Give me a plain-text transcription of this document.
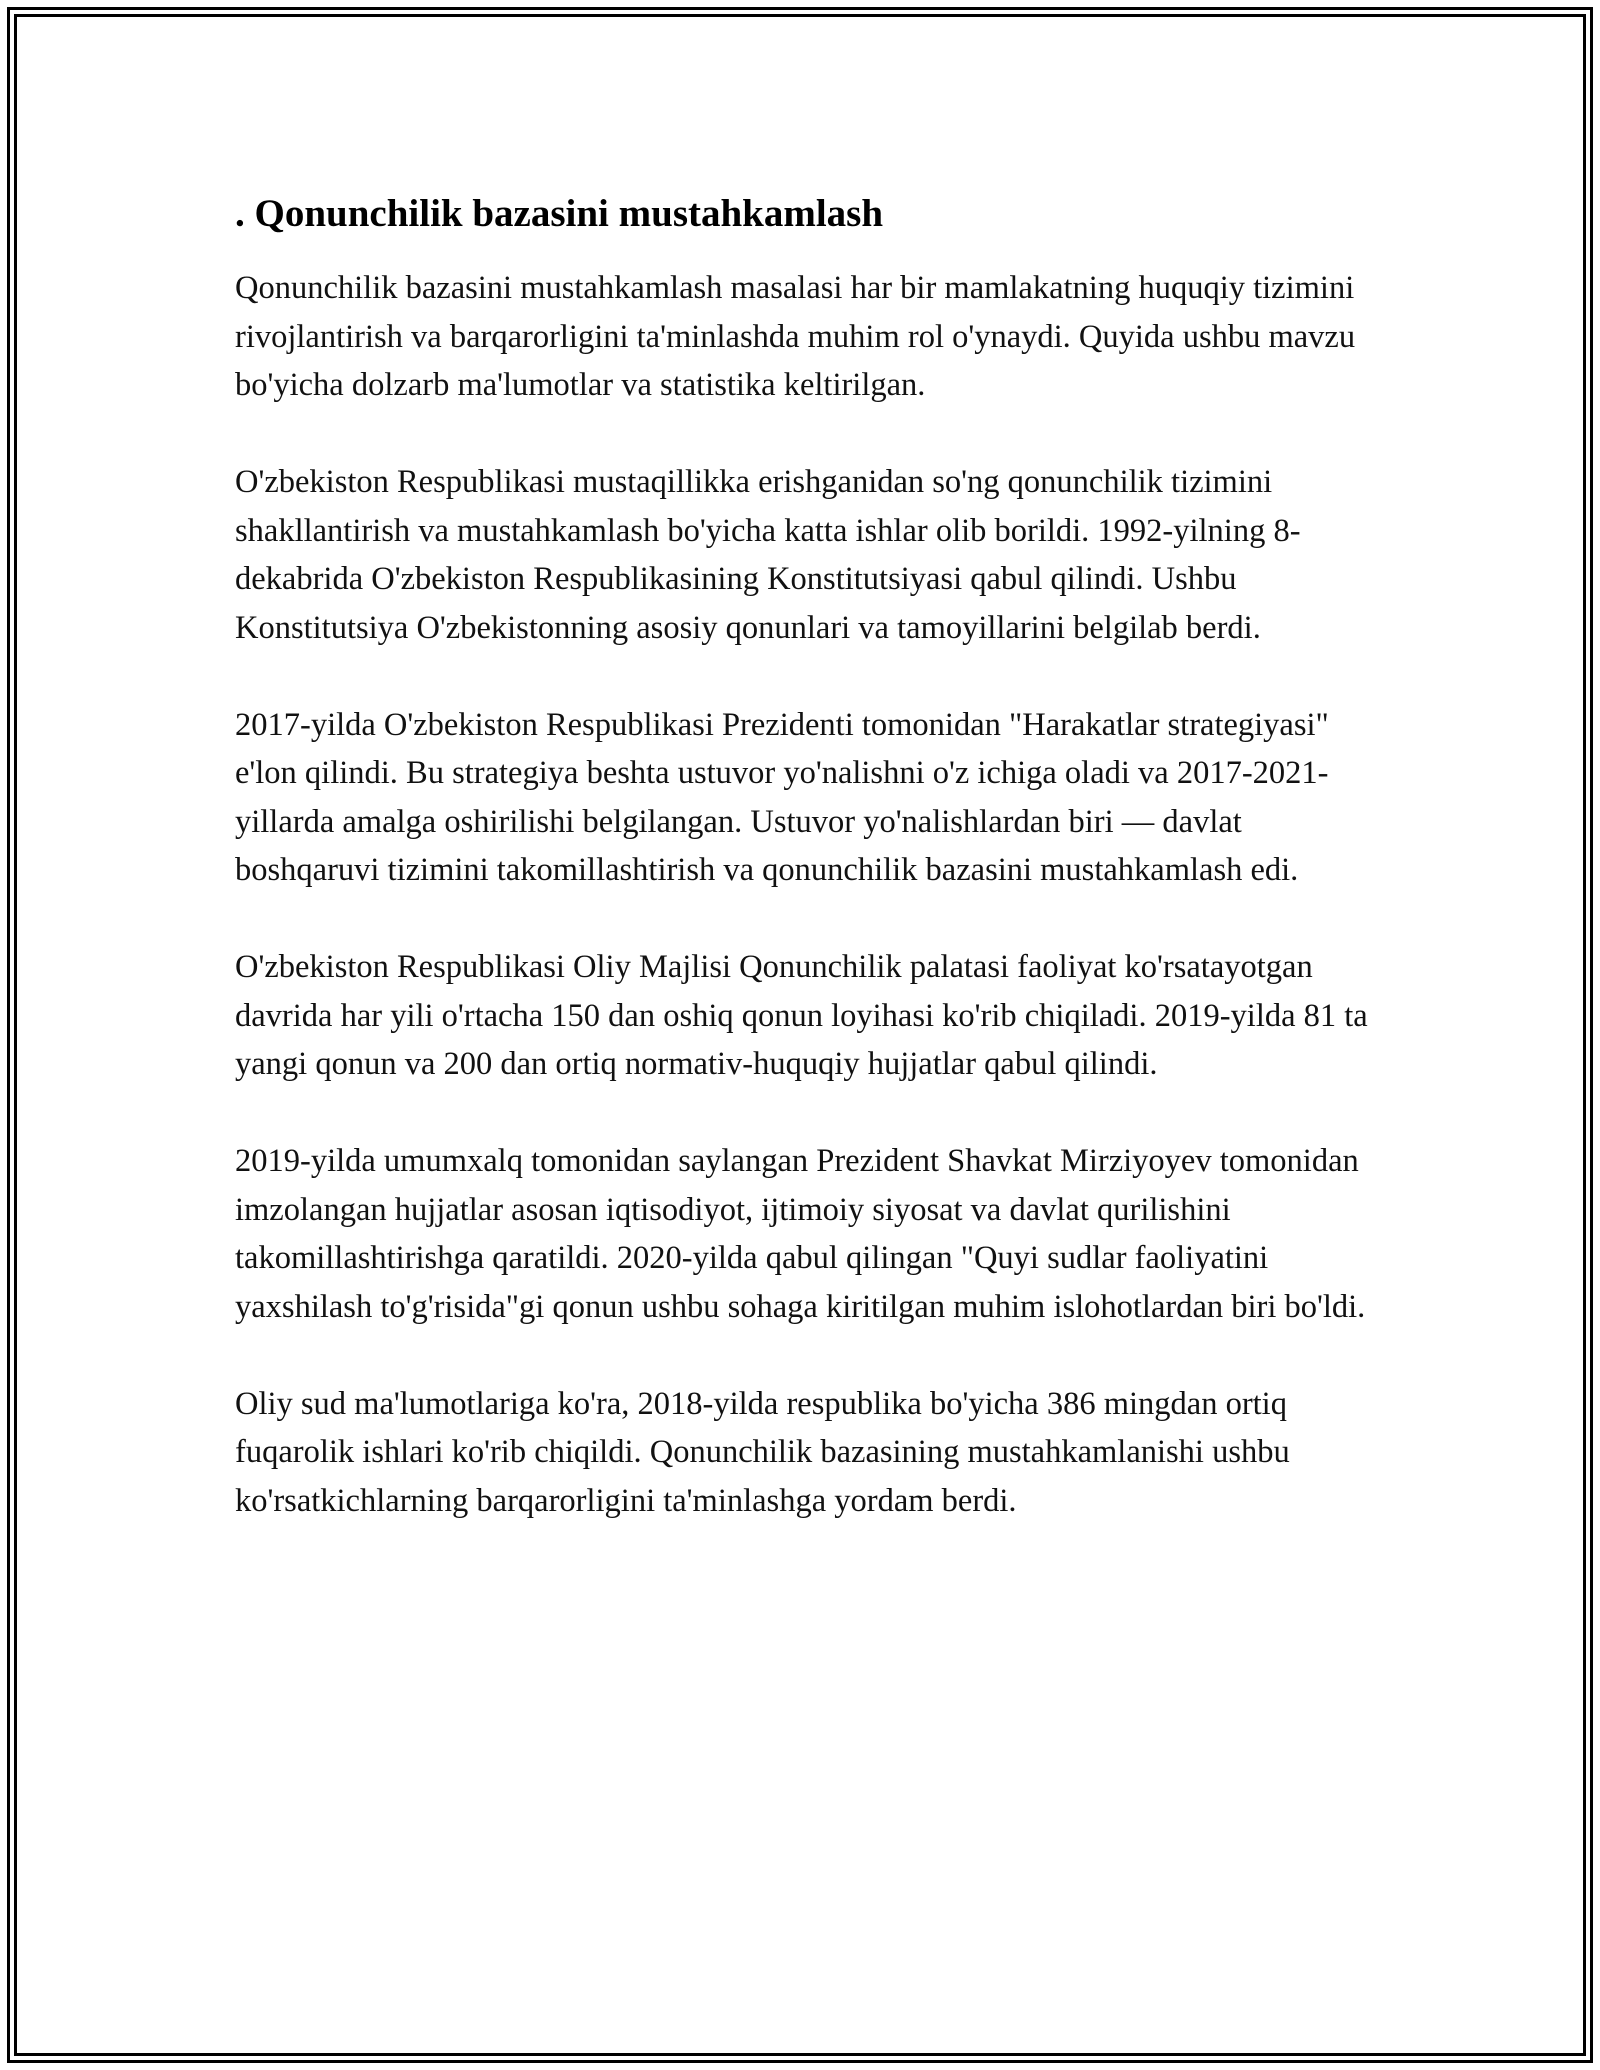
. Qonunchilik bazasini mustahkamlash

Qonunchilik bazasini mustahkamlash masalasi har bir mamlakatning huquqiy tizimini rivojlantirish va barqarorligini ta'minlashda muhim rol o'ynaydi. Quyida ushbu mavzu bo'yicha dolzarb ma'lumotlar va statistika keltirilgan.

O'zbekiston Respublikasi mustaqillikka erishganidan so'ng qonunchilik tizimini shakllantirish va mustahkamlash bo'yicha katta ishlar olib borildi. 1992-yilning 8-dekabrida O'zbekiston Respublikasining Konstitutsiyasi qabul qilindi. Ushbu Konstitutsiya O'zbekistonning asosiy qonunlari va tamoyillarini belgilab berdi.

2017-yilda O'zbekiston Respublikasi Prezidenti tomonidan "Harakatlar strategiyasi" e'lon qilindi. Bu strategiya beshta ustuvor yo'nalishni o'z ichiga oladi va 2017-2021-yillarda amalga oshirilishi belgilangan. Ustuvor yo'nalishlardan biri — davlat boshqaruvi tizimini takomillashtirish va qonunchilik bazasini mustahkamlash edi.

O'zbekiston Respublikasi Oliy Majlisi Qonunchilik palatasi faoliyat ko'rsatayotgan davrida har yili o'rtacha 150 dan oshiq qonun loyihasi ko'rib chiqiladi. 2019-yilda 81 ta yangi qonun va 200 dan ortiq normativ-huquqiy hujjatlar qabul qilindi.

2019-yilda umumxalq tomonidan saylangan Prezident Shavkat Mirziyoyev tomonidan imzolangan hujjatlar asosan iqtisodiyot, ijtimoiy siyosat va davlat qurilishini takomillashtirishga qaratildi. 2020-yilda qabul qilingan "Quyi sudlar faoliyatini yaxshilash to'g'risida"gi qonun ushbu sohaga kiritilgan muhim islohotlardan biri bo'ldi.

Oliy sud ma'lumotlariga ko'ra, 2018-yilda respublika bo'yicha 386 mingdan ortiq fuqarolik ishlari ko'rib chiqildi. Qonunchilik bazasining mustahkamlanishi ushbu ko'rsatkichlarning barqarorligini ta'minlashga yordam berdi.
